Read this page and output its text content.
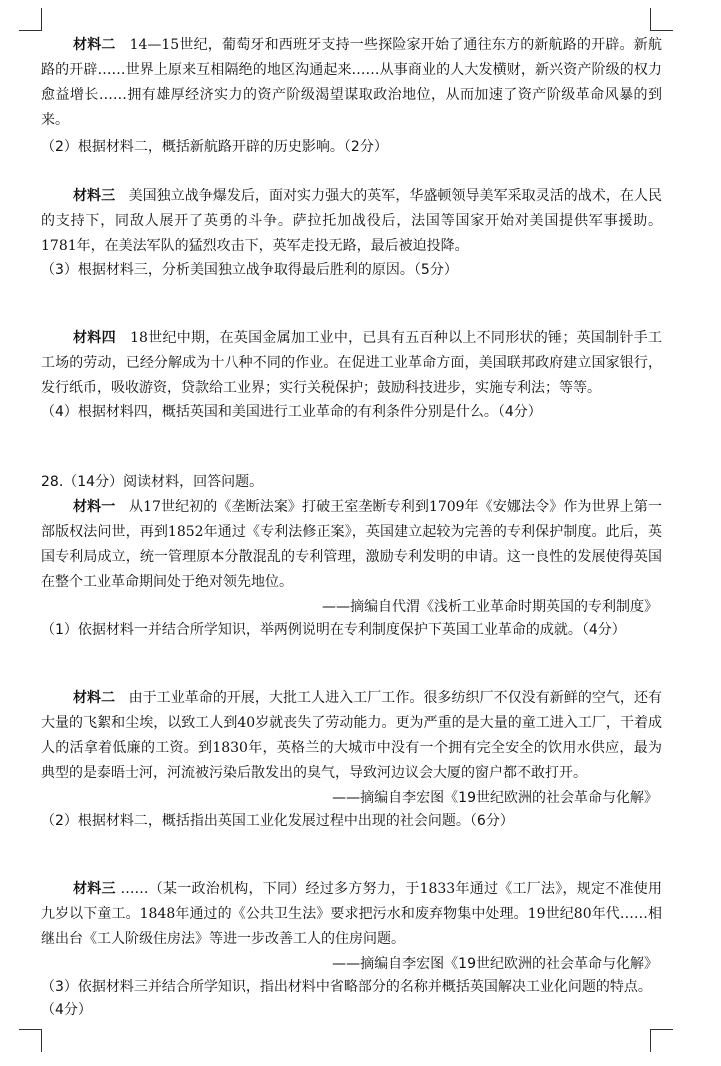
材料二 14—15世纪，葡萄牙和西班牙支持一些探险家开始了通往东方的新航路的开辟。新航路的开辟……世界上原来互相隔绝的地区沟通起来……从事商业的人大发横财，新兴资产阶级的权力愈益增长……拥有雄厚经济实力的资产阶级渴望谋取政治地位，从而加速了资产阶级革命风暴的到来。

（2）根据材料二，概括新航路开辟的历史影响。（2分）

材料三 美国独立战争爆发后，面对实力强大的英军，华盛顿领导美军采取灵活的战术，在人民的支持下，同敌人展开了英勇的斗争。萨拉托加战役后，法国等国家开始对美国提供军事援助。1781年，在美法军队的猛烈攻击下，英军走投无路，最后被迫投降。

（3）根据材料三，分析美国独立战争取得最后胜利的原因。（5分）

材料四 18世纪中期，在英国金属加工业中，已具有五百种以上不同形状的锤；英国制针手工工场的劳动，已经分解成为十八种不同的作业。在促进工业革命方面，美国联邦政府建立国家银行，发行纸币，吸收游资，贷款给工业界；实行关税保护；鼓励科技进步，实施专利法；等等。

（4）根据材料四，概括英国和美国进行工业革命的有利条件分别是什么。（4分）

28.（14分）阅读材料，回答问题。

材料一 从17世纪初的《垄断法案》打破王室垄断专利到1709年《安娜法令》作为世界上第一部版权法问世，再到1852年通过《专利法修正案》，英国建立起较为完善的专利保护制度。此后，英国专利局成立，统一管理原本分散混乱的专利管理，激励专利发明的申请。这一良性的发展使得英国在整个工业革命期间处于绝对领先地位。

——摘编自代渭《浅析工业革命时期英国的专利制度》

（1）依据材料一并结合所学知识，举两例说明在专利制度保护下英国工业革命的成就。（4分）

材料二 由于工业革命的开展，大批工人进入工厂工作。很多纺织厂不仅没有新鲜的空气，还有大量的飞絮和尘埃，以致工人到40岁就丧失了劳动能力。更为严重的是大量的童工进入工厂，干着成人的活拿着低廉的工资。到1830年，英格兰的大城市中没有一个拥有完全安全的饮用水供应，最为典型的是泰晤士河，河流被污染后散发出的臭气，导致河边议会大厦的窗户都不敢打开。

——摘编自李宏图《19世纪欧洲的社会革命与化解》

（2）根据材料二，概括指出英国工业化发展过程中出现的社会问题。（6分）

材料三 ……（某一政治机构，下同）经过多方努力，于1833年通过《工厂法》，规定不准使用九岁以下童工。1848年通过的《公共卫生法》要求把污水和废弃物集中处理。19世纪80年代……相继出台《工人阶级住房法》等进一步改善工人的住房问题。

——摘编自李宏图《19世纪欧洲的社会革命与化解》

（3）依据材料三并结合所学知识，指出材料中省略部分的名称并概括英国解决工业化问题的特点。（4分）
